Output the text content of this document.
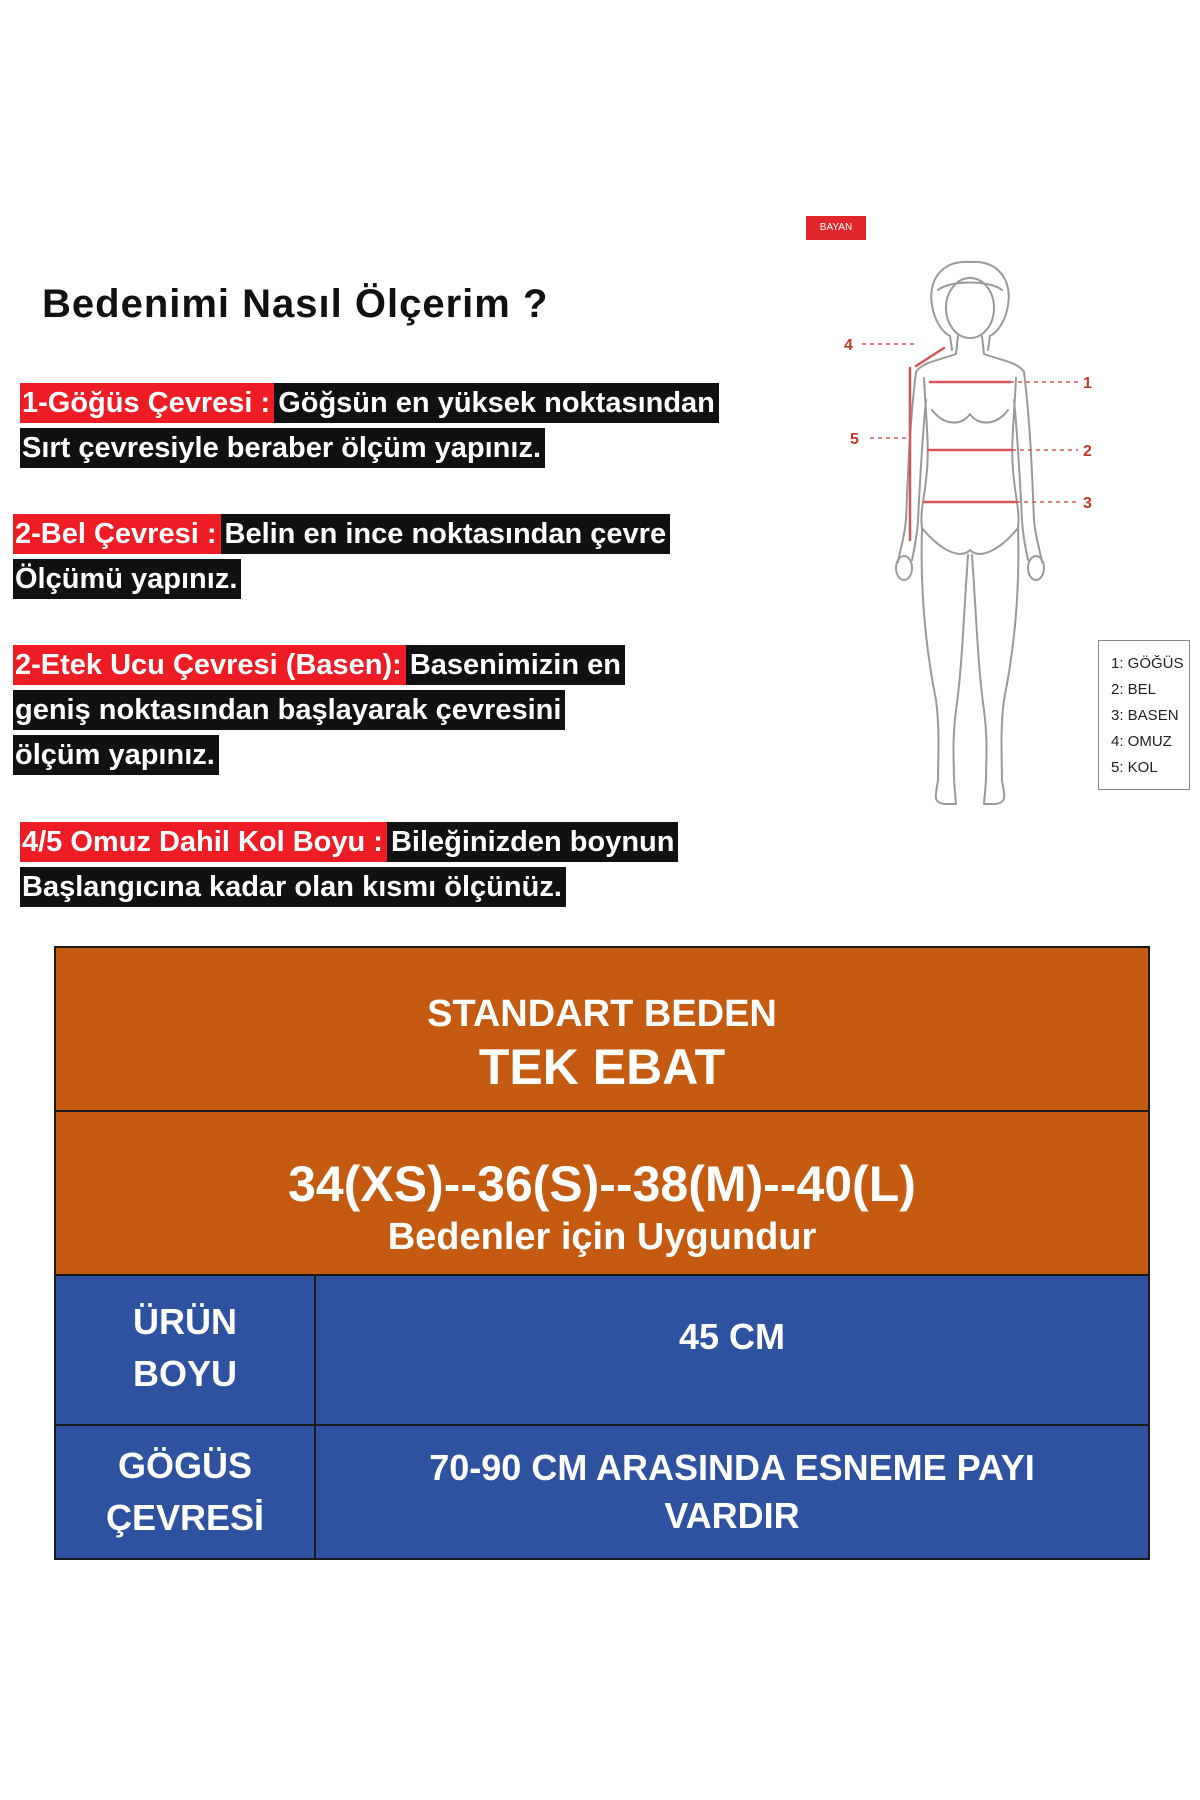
Bedenimi Nasıl Ölçerim ?
1-Göğüs Çevresi : Göğsün en yüksek noktasından
Sırt çevresiyle beraber ölçüm yapınız.
2-Bel Çevresi : Belin en ince noktasından çevre
Ölçümü yapınız.
2-Etek Ucu Çevresi (Basen): Basenimizin en
geniş noktasından başlayarak çevresini
ölçüm yapınız.
4/5 Omuz Dahil Kol Boyu : Bileğinizden boynun
Başlangıcına kadar olan kısmı ölçünüz.
BAYAN
1
2
3
4
5
1: GÖĞÜS
2: BEL
3: BASEN
4: OMUZ
5: KOL
STANDART BEDEN
TEK EBAT
34(XS)--36(S)--38(M)--40(L)
Bedenler için Uygundur
ÜRÜN
BOYU
45 CM
GÖGÜS
ÇEVRESİ
70-90 CM ARASINDA ESNEME PAYI
VARDIR
